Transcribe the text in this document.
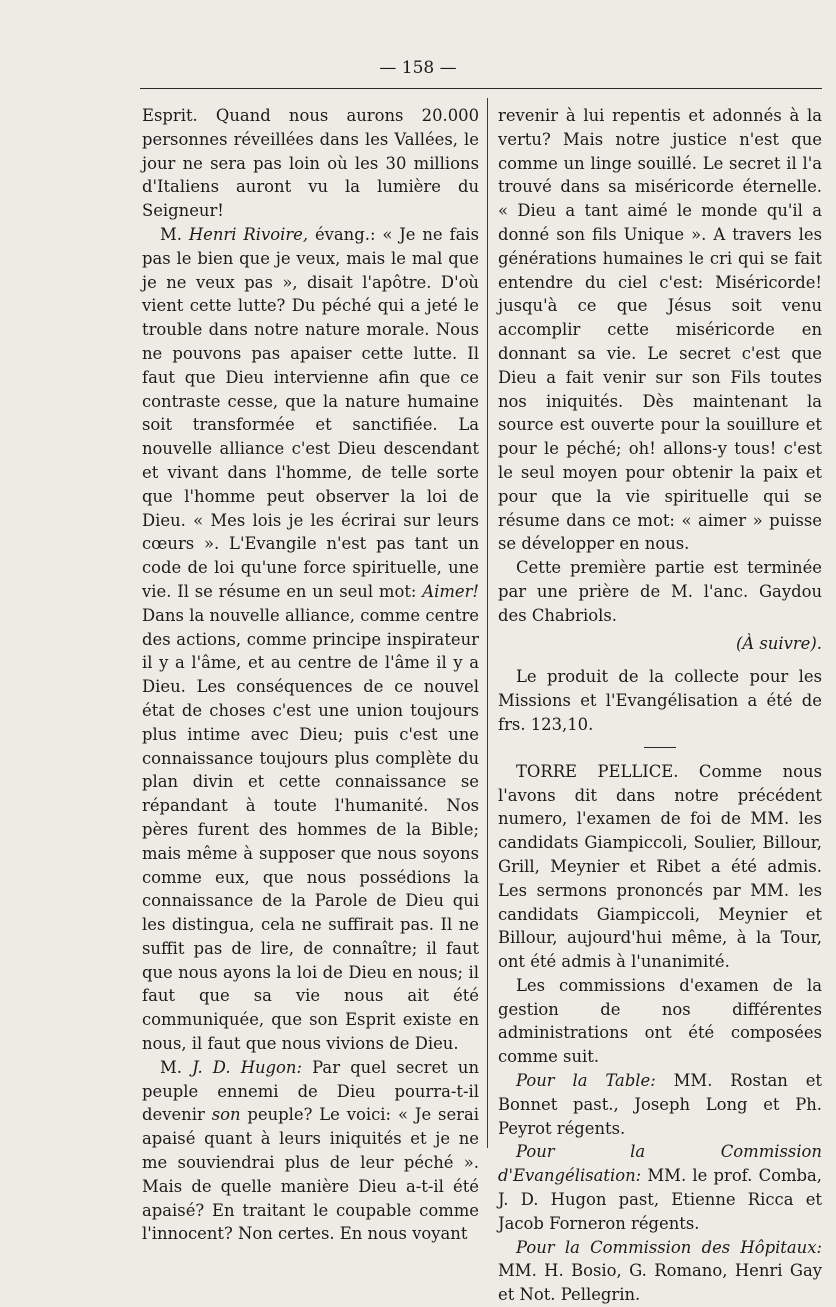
— 158 —

Esprit. Quand nous aurons 20.000 personnes réveillées dans les Vallées, le jour ne sera pas loin où les 30 millions d'Italiens auront vu la lumière du Seigneur!

M. Henri Rivoire, évang.: « Je ne fais pas le bien que je veux, mais le mal que je ne veux pas », disait l'apôtre. D'où vient cette lutte? Du péché qui a jeté le trouble dans notre nature morale. Nous ne pouvons pas apaiser cette lutte. Il faut que Dieu intervienne afin que ce contraste cesse, que la nature humaine soit transformée et sanctifiée. La nouvelle alliance c'est Dieu descendant et vivant dans l'homme, de telle sorte que l'homme peut observer la loi de Dieu. « Mes lois je les écrirai sur leurs cœurs ». L'Evangile n'est pas tant un code de loi qu'une force spirituelle, une vie. Il se résume en un seul mot: Aimer! Dans la nouvelle alliance, comme centre des actions, comme principe inspirateur il y a l'âme, et au centre de l'âme il y a Dieu. Les conséquences de ce nouvel état de choses c'est une union toujours plus intime avec Dieu; puis c'est une connaissance toujours plus complète du plan divin et cette connaissance se répandant à toute l'humanité. Nos pères furent des hommes de la Bible; mais même à supposer que nous soyons comme eux, que nous possédions la connaissance de la Parole de Dieu qui les distingua, cela ne suffirait pas. Il ne suffit pas de lire, de connaître; il faut que nous ayons la loi de Dieu en nous; il faut que sa vie nous ait été communiquée, que son Esprit existe en nous, il faut que nous vivions de Dieu.

M. J. D. Hugon: Par quel secret un peuple ennemi de Dieu pourra-t-il devenir son peuple? Le voici: « Je serai apaisé quant à leurs iniquités et je ne me souviendrai plus de leur péché ». Mais de quelle manière Dieu a-t-il été apaisé? En traitant le coupable comme l'innocent? Non certes. En nous voyant

revenir à lui repentis et adonnés à la vertu? Mais notre justice n'est que comme un linge souillé. Le secret il l'a trouvé dans sa miséricorde éternelle. « Dieu a tant aimé le monde qu'il a donné son fils Unique ». A travers les générations humaines le cri qui se fait entendre du ciel c'est: Miséricorde! jusqu'à ce que Jésus soit venu accomplir cette miséricorde en donnant sa vie. Le secret c'est que Dieu a fait venir sur son Fils toutes nos iniquités. Dès maintenant la source est ouverte pour la souillure et pour le péché; oh! allons-y tous! c'est le seul moyen pour obtenir la paix et pour que la vie spirituelle qui se résume dans ce mot: « aimer » puisse se développer en nous.

Cette première partie est terminée par une prière de M. l'anc. Gaydou des Chabriols.

(À suivre).

Le produit de la collecte pour les Missions et l'Evangélisation a été de frs. 123,10.

TORRE PELLICE. Comme nous l'avons dit dans notre précédent numero, l'examen de foi de MM. les candidats Giampiccoli, Soulier, Billour, Grill, Meynier et Ribet a été admis. Les sermons prononcés par MM. les candidats Giampiccoli, Meynier et Billour, aujourd'hui même, à la Tour, ont été admis à l'unanimité.

Les commissions d'examen de la gestion de nos différentes administrations ont été composées comme suit.

Pour la Table: MM. Rostan et Bonnet past., Joseph Long et Ph. Peyrot régents.

Pour la Commission d'Evangélisation: MM. le prof. Comba, J. D. Hugon past, Etienne Ricca et Jacob Forneron régents.

Pour la Commission des Hôpitaux: MM. H. Bosio, G. Romano, Henri Gay et Not. Pellegrin.
